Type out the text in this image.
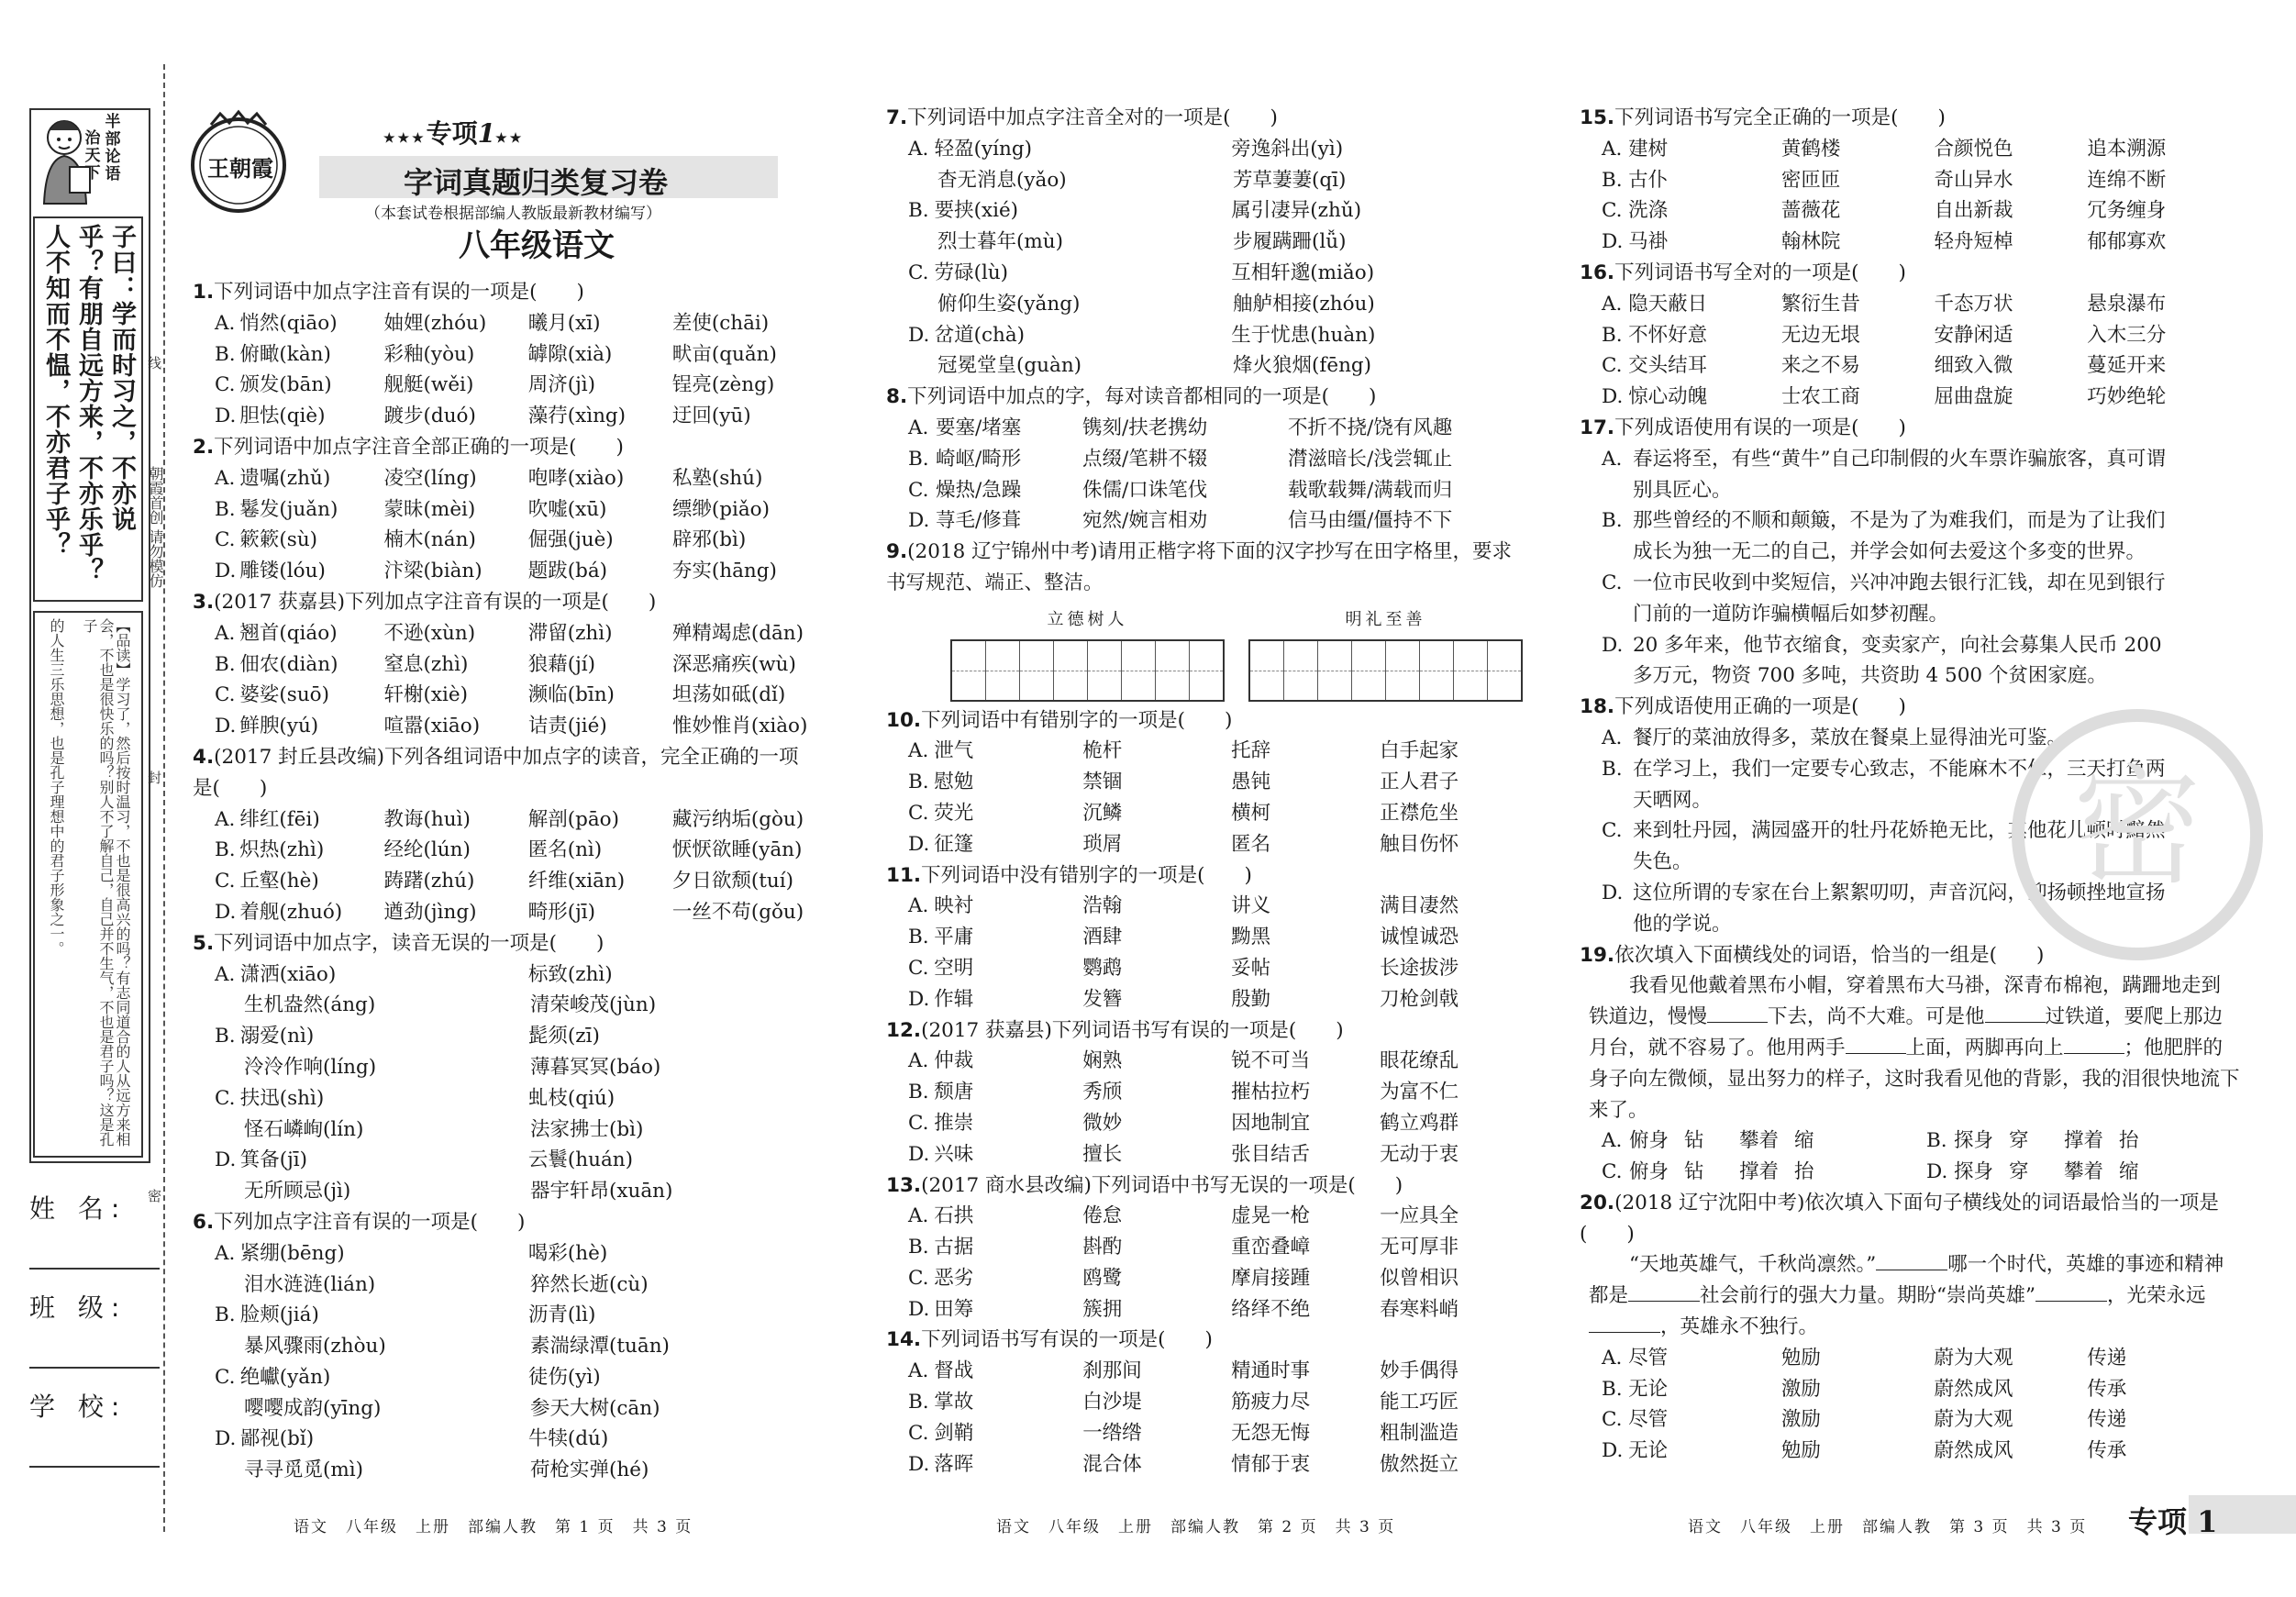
半
部
论
语
治
天
下
子曰：学而时习之，不亦说
乎？有朋自远方来，不亦乐乎？
人不知而不愠，不亦君子乎？
【品读】学习了，然后按时温习，不也是很高兴的吗？有志同道合的人从远方来相
会，不也是很快乐的吗？别人不了解自己，自己并不生气，不也是君子吗？这是孔子
的人生三乐思想，也是孔子理想中的君子形象之一。
姓 名:
班 级:
学 校:
线
朝霞首创 请勿模仿
封
密
王朝霞
★★★专项1★★
字词真题归类复习卷
（本套试卷根据部编人教版最新教材编写）
八年级语文
1.下列词语中加点字注音有误的一项是(　　)
A. 悄然(qiāo)	妯娌(zhóu)	曦月(xī)	差使(chāi)
B. 俯瞰(kàn)	彩釉(yòu)	罅隙(xià)	畎亩(quǎn)
C. 颁发(bān)	舰艇(wěi)	周济(jì)	锃亮(zèng)
D. 胆怯(qiè)	踱步(duó)	藻荇(xìng)	迂回(yū)
2.下列词语中加点字注音全部正确的一项是(　　)
A. 遗嘱(zhǔ)	凌空(líng)	咆哮(xiào)	私塾(shú)
B. 鬈发(juǎn)	蒙昧(mèi)	吹嘘(xū)	缥缈(piǎo)
C. 簌簌(sù)	楠木(nán)	倔强(juè)	辟邪(bì)
D. 雕镂(lóu)	汴梁(biàn)	题跋(bá)	夯实(hāng)
3.(2017 获嘉县)下列加点字注音有误的一项是(　　)
A. 翘首(qiáo)	不逊(xùn)	滞留(zhì)	殚精竭虑(dān)
B. 佃农(diàn)	窒息(zhì)	狼藉(jí)	深恶痛疾(wù)
C. 婆娑(suō)	轩榭(xiè)	濒临(bīn)	坦荡如砥(dǐ)
D. 鲜腴(yú)	喧嚣(xiāo)	诘责(jié)	惟妙惟肖(xiào)
4.(2017 封丘县改编)下列各组词语中加点字的读音，完全正确的一项是(　　)
A. 绯红(fēi)	教诲(huì)	解剖(pāo)	藏污纳垢(gòu)
B. 炽热(zhì)	经纶(lún)	匿名(nì)	恹恹欲睡(yān)
C. 丘壑(hè)	踌躇(zhú)	纤维(xiān)	夕日欲颓(tuí)
D. 着舰(zhuó)	遒劲(jìng)	畸形(jī)	一丝不苟(gǒu)
5.下列词语中加点字，读音无误的一项是(　　)
A. 潇洒(xiāo)	标致(zhì)
生机盎然(áng)	清荣峻茂(jùn)
B. 溺爱(nì)	髭须(zī)
泠泠作响(líng)	薄暮冥冥(báo)
C. 扶迅(shì)	虬枝(qiú)
怪石嶙峋(lín)	法家拂士(bì)
D. 箕备(jī)	云鬟(huán)
无所顾忌(jì)	器宇轩昂(xuān)
6.下列加点字注音有误的一项是(　　)
A. 紧绷(bēng)	喝彩(hè)
泪水涟涟(lián)	猝然长逝(cù)
B. 脸颊(jiá)	沥青(lì)
暴风骤雨(zhòu)	素湍绿潭(tuān)
C. 绝巘(yǎn)	徒伤(yì)
嘤嘤成韵(yīng)	参天大树(cān)
D. 鄙视(bǐ)	牛犊(dú)
寻寻觅觅(mì)	荷枪实弹(hé)
7.下列词语中加点字注音全对的一项是(　　)
A. 轻盈(yíng)	旁逸斜出(yì)
杳无消息(yǎo)	芳草萋萋(qī)
B. 要挟(xié)	属引凄异(zhǔ)
烈士暮年(mù)	步履蹒跚(lǚ)
C. 劳碌(lù)	互相轩邈(miǎo)
俯仰生姿(yǎng)	舳舻相接(zhóu)
D. 岔道(chà)	生于忧患(huàn)
冠冕堂皇(guàn)	烽火狼烟(fēng)
8.下列词语中加点的字，每对读音都相同的一项是(　　)
A. 要塞/堵塞	镌刻/扶老携幼	不折不挠/饶有风趣
B. 崎岖/畸形	点缀/笔耕不辍	潸滋暗长/浅尝辄止
C. 燥热/急躁	侏儒/口诛笔伐	载歌载舞/满载而归
D. 荨毛/修葺	宛然/婉言相劝	信马由缰/僵持不下
9.(2018 辽宁锦州中考)请用正楷字将下面的汉字抄写在田字格里，要求书写规范、端正、整洁。
立德树人	明礼至善
10.下列词语中有错别字的一项是(　　)
A. 泄气	桅杆	托辞	白手起家
B. 慰勉	禁锢	愚钝	正人君子
C. 荧光	沉鳞	横柯	正襟危坐
D. 征篷	琐屑	匿名	触目伤怀
11.下列词语中没有错别字的一项是(　　)
A. 映衬	浩翰	讲义	满目凄然
B. 平庸	酒肆	黝黑	诚惶诚恐
C. 空明	鹦鹉	妥帖	长途拔涉
D. 作辑	发簪	殷勤	刀枪剑戟
12.(2017 获嘉县)下列词语书写有误的一项是(　　)
A. 仲裁	娴熟	锐不可当	眼花缭乱
B. 颓唐	秀颀	摧枯拉朽	为富不仁
C. 推崇	微妙	因地制宜	鹤立鸡群
D. 兴味	擅长	张目结舌	无动于衷
13.(2017 商水县改编)下列词语中书写无误的一项是(　　)
A. 石拱	倦怠	虚晃一枪	一应具全
B. 古据	斟酌	重峦叠嶂	无可厚非
C. 恶劣	鸥鹭	摩肩接踵	似曾相识
D. 田筹	簇拥	络绎不绝	春寒料峭
14.下列词语书写有误的一项是(　　)
A. 督战	刹那间	精通时事	妙手偶得
B. 掌故	白沙堤	筋疲力尽	能工巧匠
C. 剑鞘	一绺绺	无怨无悔	粗制滥造
D. 落晖	混合体	情郁于衷	傲然挺立
15.下列词语书写完全正确的一项是(　　)
A. 建树	黄鹤楼	合颜悦色	追本溯源
B. 古仆	密匝匝	奇山异水	连绵不断
C. 洗涤	蔷薇花	自出新裁	冗务缠身
D. 马褂	翰林院	轻舟短棹	郁郁寡欢
16.下列词语书写全对的一项是(　　)
A. 隐天蔽日	繁衍生昔	千态万状	悬泉瀑布
B. 不怀好意	无边无垠	安静闲适	入木三分
C. 交头结耳	来之不易	细致入微	蔓延开来
D. 惊心动魄	士农工商	屈曲盘旋	巧妙绝轮
17.下列成语使用有误的一项是(　　)
A. 春运将至，有些“黄牛”自己印制假的火车票诈骗旅客，真可谓别具匠心。
B. 那些曾经的不顺和颠簸，不是为了为难我们，而是为了让我们成长为独一无二的自己，并学会如何去爱这个多变的世界。
C. 一位市民收到中奖短信，兴冲冲跑去银行汇钱，却在见到银行门前的一道防诈骗横幅后如梦初醒。
D. 20 多年来，他节衣缩食，变卖家产，向社会募集人民币 200 多万元，物资 700 多吨，共资助 4 500 个贫困家庭。
18.下列成语使用正确的一项是(　　)
A. 餐厅的菜油放得多，菜放在餐桌上显得油光可鉴。
B. 在学习上，我们一定要专心致志，不能麻木不仁，三天打鱼两天晒网。
C. 来到牡丹园，满园盛开的牡丹花娇艳无比，其他花儿顿时黯然失色。
D. 这位所谓的专家在台上絮絮叨叨，声音沉闷，抑扬顿挫地宣扬他的学说。
19.依次填入下面横线处的词语，恰当的一组是(　　)
我看见他戴着黑布小帽，穿着黑布大马褂，深青布棉袍，蹒跚地走到铁道边，慢慢	下去，尚不大难。可是他	过铁道，要爬上那边月台，就不容易了。他用两手	上面，两脚再向上	；他肥胖的身子向左微倾，显出努力的样子，这时我看见他的背影，我的泪很快地流下来了。
A. 俯身 钻	攀着 缩	B. 探身 穿	撑着 抬
C. 俯身 钻	撑着 抬	D. 探身 穿	攀着 缩
20.(2018 辽宁沈阳中考)依次填入下面句子横线处的词语最恰当的一项是(　　)
“天地英雄气，千秋尚凛然。”	哪一个时代，英雄的事迹和精神都是	社会前行的强大力量。期盼“崇尚英雄”	，光荣永远，英雄永不独行。
A. 尽管	勉励	蔚为大观	传递
B. 无论	激励	蔚然成风	传承
C. 尽管	激励	蔚为大观	传递
D. 无论	勉励	蔚然成风	传承
密
语文　八年级　上册　部编人教　第 1 页　共 3 页	语文　八年级　上册　部编人教　第 2 页　共 3 页	语文　八年级　上册　部编人教　第 3 页　共 3 页 专项 1
